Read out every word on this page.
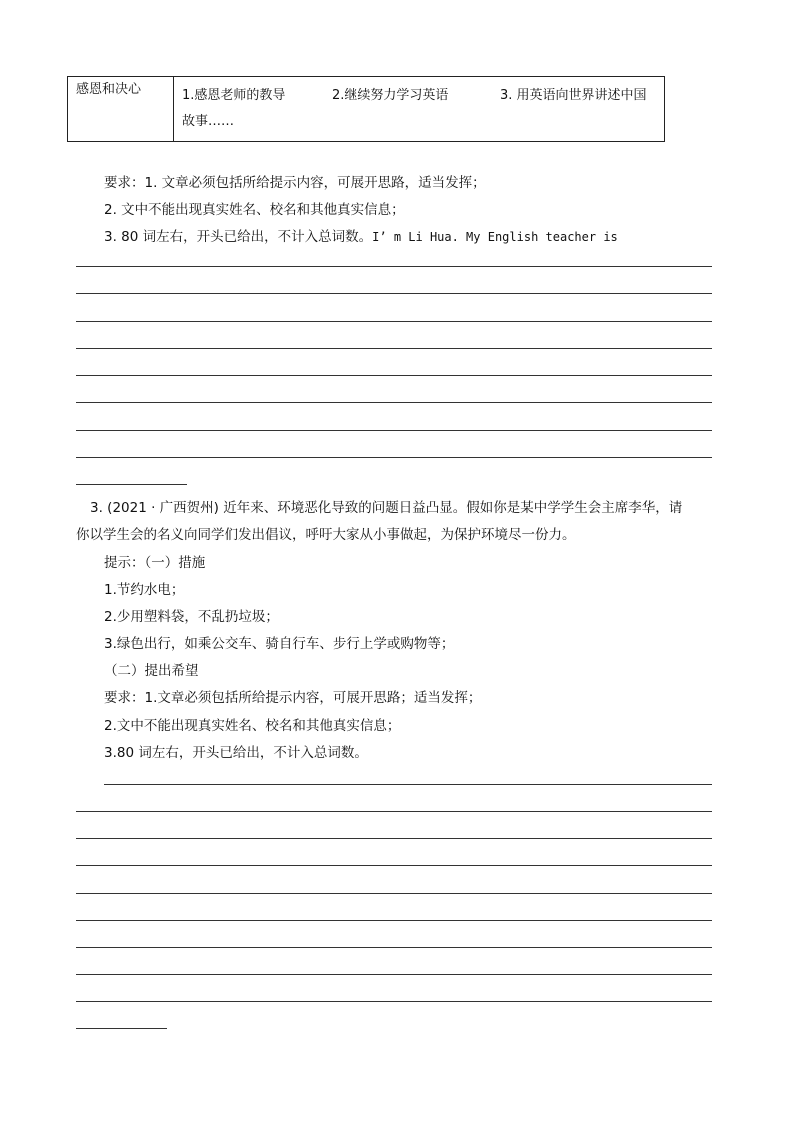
感恩和决心	1.感恩老师的教导	2.继续努力学习英语	3. 用英语向世界讲述中国
故事……
要求：1. 文章必须包括所给提示内容，可展开思路，适当发挥；
2. 文中不能出现真实姓名、校名和其他真实信息；
3. 80 词左右，开头已给出，不计入总词数。I’ m Li Hua. My English teacher is
3. (2021 · 广西贺州) 近年来、环境恶化导致的问题日益凸显。假如你是某中学学生会主席李华，请
你以学生会的名义向同学们发出倡议，呼吁大家从小事做起，为保护环境尽一份力。
提示：（一）措施
1.节约水电；
2.少用塑料袋，不乱扔垃圾；
3.绿色出行，如乘公交车、骑自行车、步行上学或购物等；
（二）提出希望
要求：1.文章必须包括所给提示内容，可展开思路；适当发挥；
2.文中不能出现真实姓名、校名和其他真实信息；
3.80 词左右，开头已给出，不计入总词数。
